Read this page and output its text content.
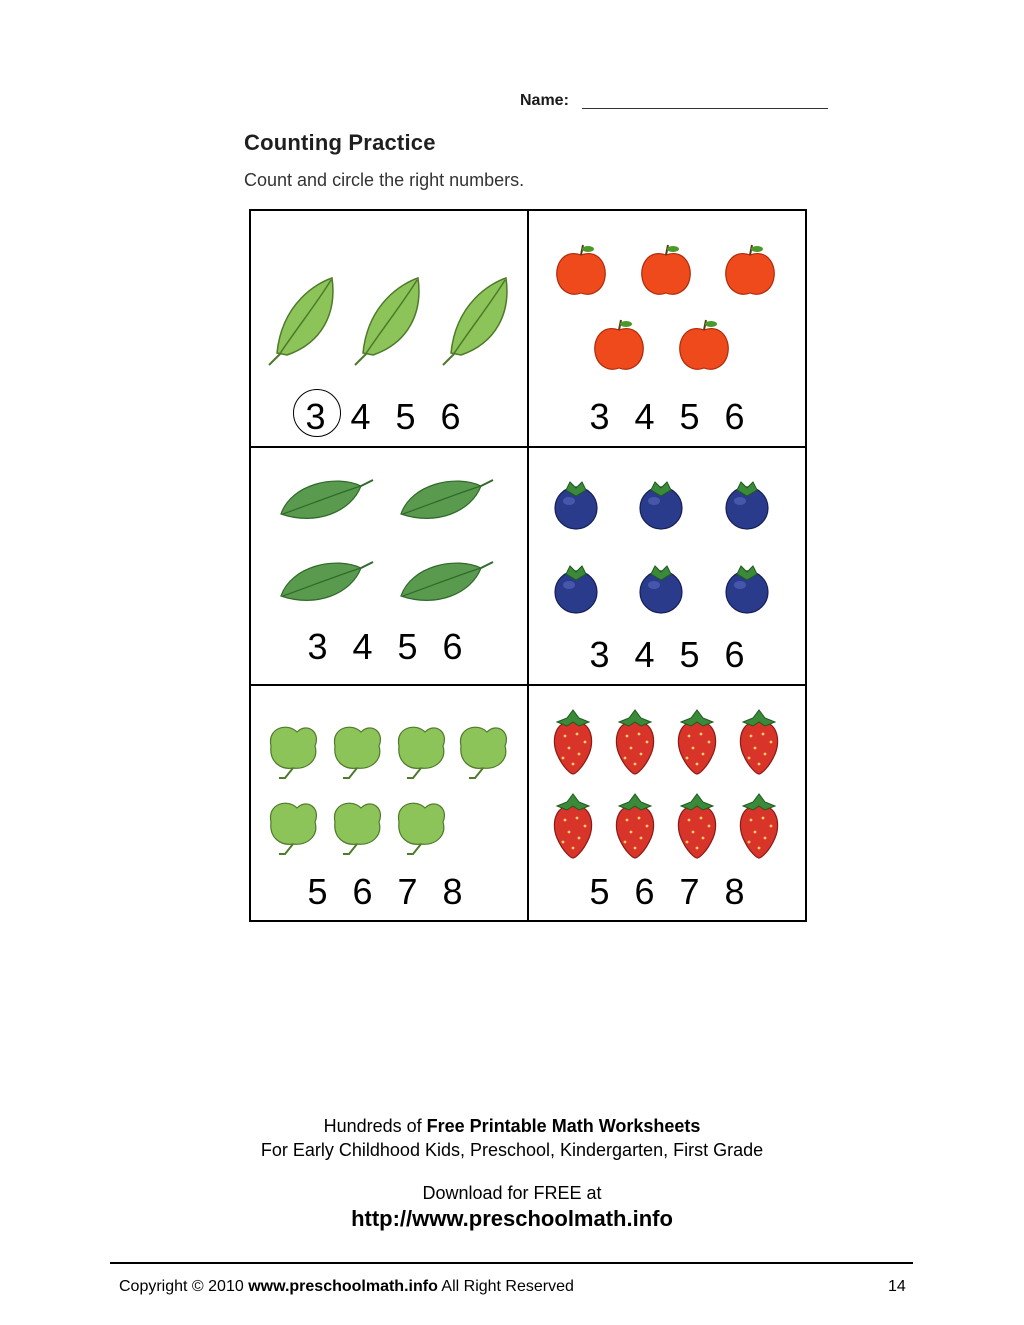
Name:
Counting Practice
Count and circle the right numbers.
3 4 5 6	3 4 5 6
3 4 5 6	3 4 5 6
5 6 7 8	5 6 7 8
Hundreds of Free Printable Math Worksheets
For Early Childhood Kids, Preschool, Kindergarten, First Grade
Download for FREE at
http://www.preschoolmath.info
Copyright © 2010 www.preschoolmath.info All Right Reserved	14
